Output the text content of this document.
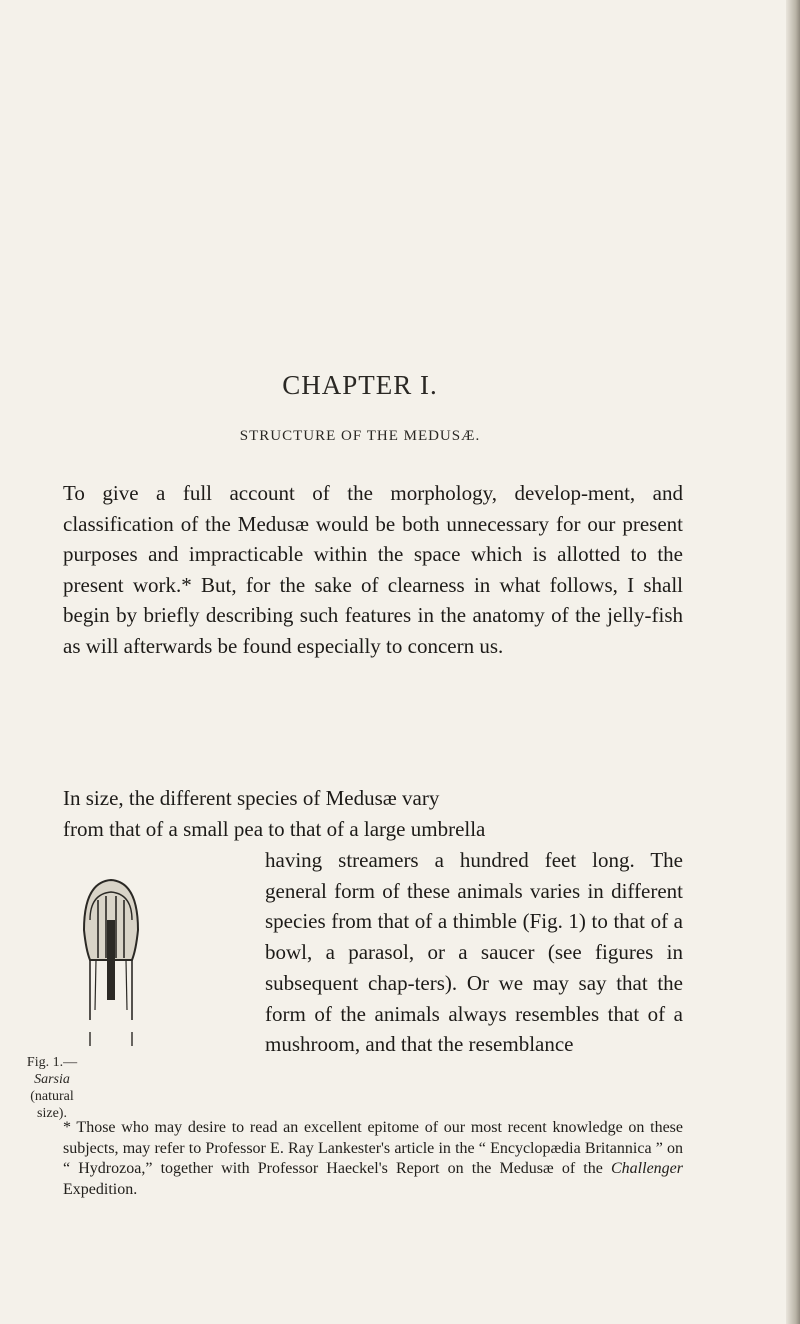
CHAPTER I.
STRUCTURE OF THE MEDUSÆ.

To give a full account of the morphology, develop-ment, and classification of the Medusæ would be both unnecessary for our present purposes and impracticable within the space which is allotted to the present work.* But, for the sake of clearness in what follows, I shall begin by briefly describing such features in the anatomy of the jelly-fish as will afterwards be found especially to concern us.

In size, the different species of Medusæ vary
from that of a small pea to that of a large umbrella

having streamers a hundred feet long. The general form of these animals varies in different species from that of a thimble (Fig. 1) to that of a bowl, a parasol, or a saucer (see figures in subsequent chap-ters). Or we may say that the form of the animals always resembles that of a mushroom, and that the resemblance

Fig. 1.—
Sarsia
(natural
size).

* Those who may desire to read an excellent epitome of our most recent knowledge on these subjects, may refer to Professor E. Ray Lankester's article in the “ Encyclopædia Britannica ” on “ Hydrozoa,” together with Professor Haeckel's Report on the Medusæ of the Challenger Expedition.
